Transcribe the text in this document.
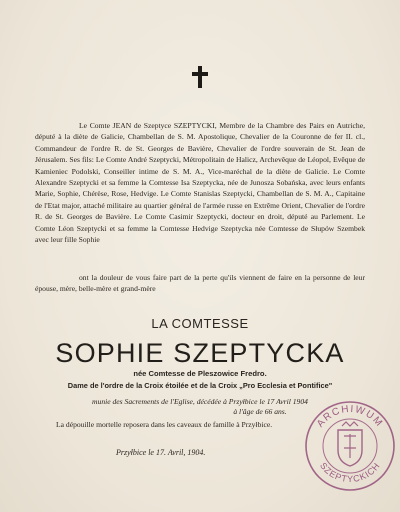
Le Comte JEAN de Szeptyce SZEPTYCKI, Membre de la Chambre des Pairs en Autriche, député à la diète de Galicie, Chambellan de S. M. Apostolique, Chevalier de la Couronne de fer II. cl., Commandeur de l'ordre R. de St. Georges de Bavière, Chevalier de l'ordre souverain de St. Jean de Jérusalem. Ses fils: Le Comte André Szeptycki, Métropolitain de Halicz, Archevêque de Léopol, Evêque de Kamieniec Podolski, Conseiller intime de S. M. A., Vice-maréchal de la diète de Galicie. Le Comte Alexandre Szeptycki et sa femme la Comtesse Isa Szeptycka, née de Junosza Sobańska, avec leurs enfants Marie, Sophie, Chérèse, Rose, Hedvige. Le Comte Stanislas Szeptycki, Chambellan de S. M. A., Capitaine de l'Etat major, attaché militaire au quartier général de l'armée russe en Extrême Orient, Chevalier de l'ordre R. de St. Georges de Bavière. Le Comte Casimir Szeptycki, docteur en droit, député au Parlement. Le Comte Léon Szeptycki et sa femme la Comtesse Hedvige Szeptycka née Comtesse de Słupów Szembek avec leur fille Sophie

ont la douleur de vous faire part de la perte qu'ils viennent de faire en la personne de leur épouse, mère, belle-mère et grand-mère

LA COMTESSE

SOPHIE SZEPTYCKA

née Comtesse de Pleszowice Fredro.

Dame de l'ordre de la Croix étoilée et de la Croix „Pro Ecclesia et Pontifice"

munie des Sacrements de l'Eglise, décédée à Przyłbice le 17 Avril 1904
à l'âge de 66 ans.

La dépouille mortelle reposera dans les caveaux de famille à Przyłbice.

Przyłbice le 17. Avril, 1904.

ARCHIWUM
SZEPTYCKICH
